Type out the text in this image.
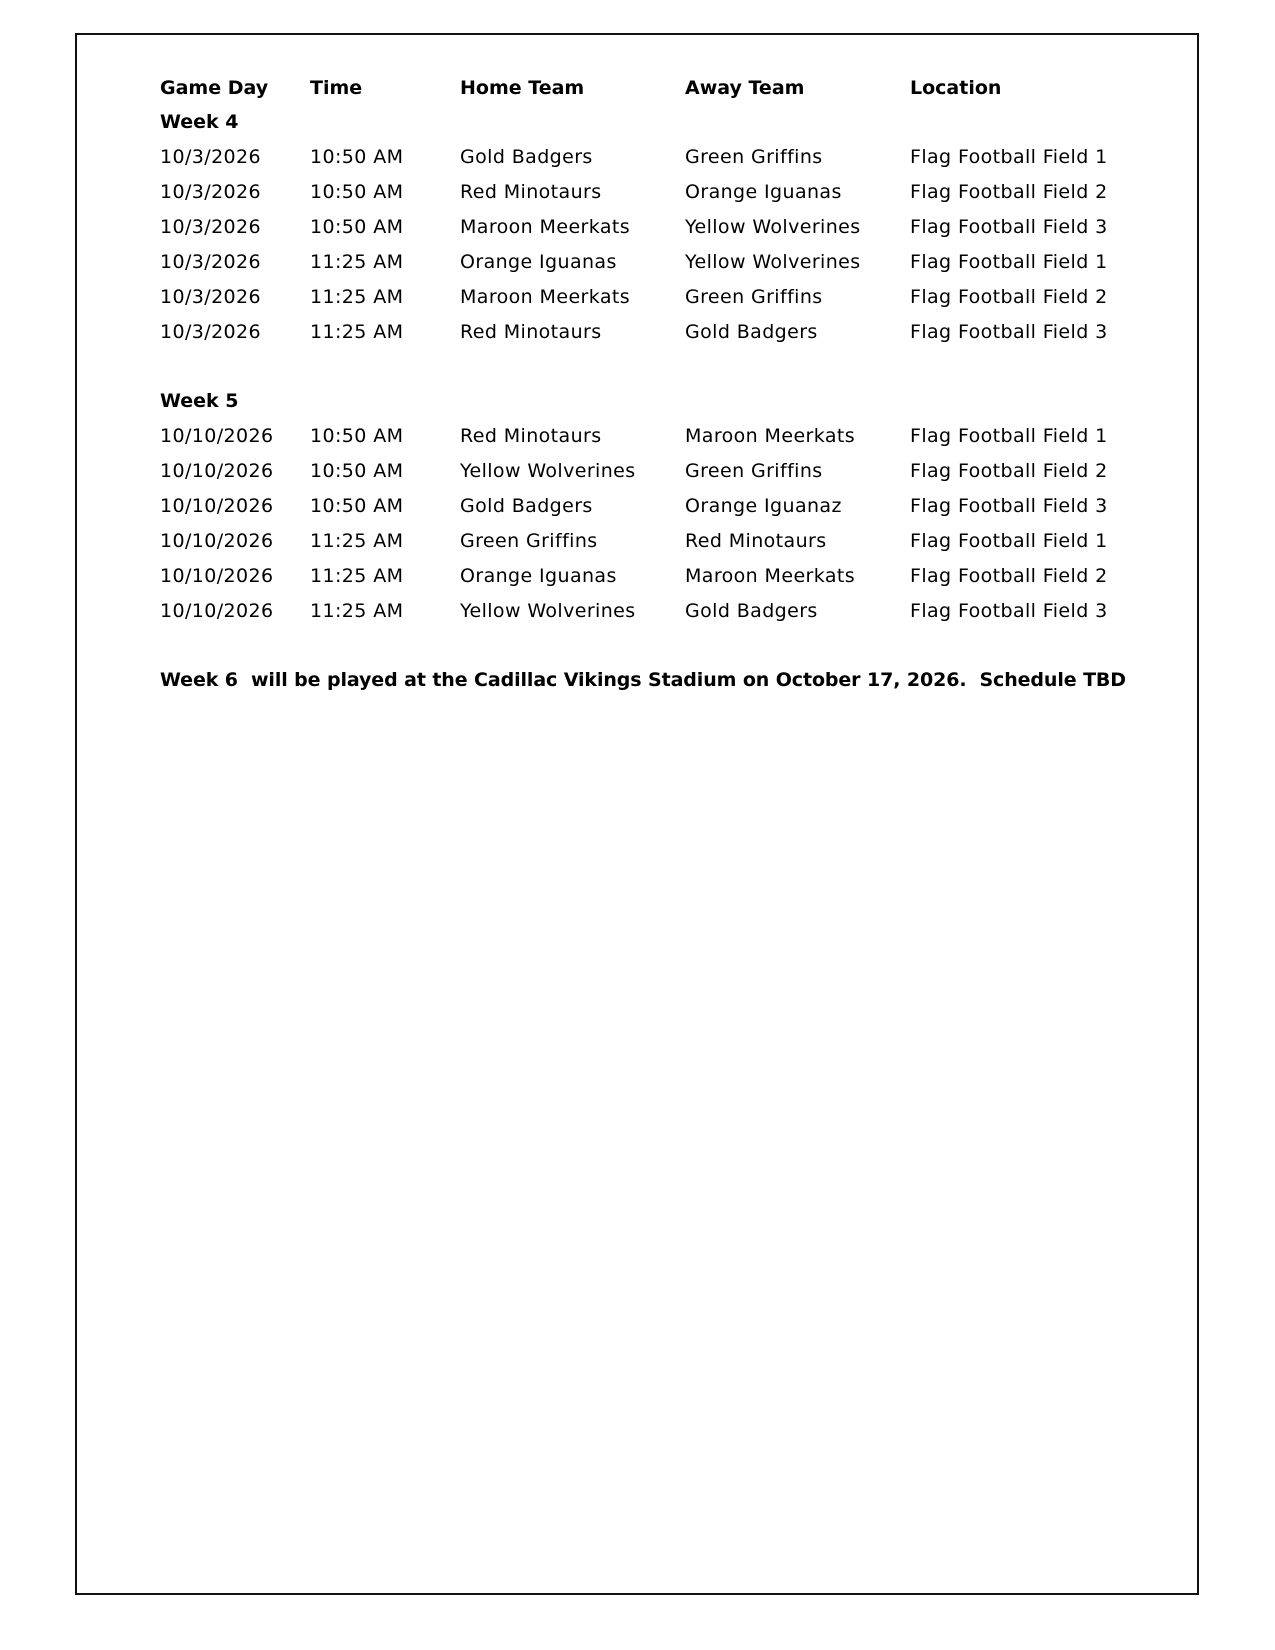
Game Day	Time	Home Team	Away Team	Location
Week 4
10/3/2026	10:50 AM	Gold Badgers	Green Griffins	Flag Football Field 1
10/3/2026	10:50 AM	Red Minotaurs	Orange Iguanas	Flag Football Field 2
10/3/2026	10:50 AM	Maroon Meerkats	Yellow Wolverines	Flag Football Field 3
10/3/2026	11:25 AM	Orange Iguanas	Yellow Wolverines	Flag Football Field 1
10/3/2026	11:25 AM	Maroon Meerkats	Green Griffins	Flag Football Field 2
10/3/2026	11:25 AM	Red Minotaurs	Gold Badgers	Flag Football Field 3
Week 5
10/10/2026	10:50 AM	Red Minotaurs	Maroon Meerkats	Flag Football Field 1
10/10/2026	10:50 AM	Yellow Wolverines	Green Griffins	Flag Football Field 2
10/10/2026	10:50 AM	Gold Badgers	Orange Iguanaz	Flag Football Field 3
10/10/2026	11:25 AM	Green Griffins	Red Minotaurs	Flag Football Field 1
10/10/2026	11:25 AM	Orange Iguanas	Maroon Meerkats	Flag Football Field 2
10/10/2026	11:25 AM	Yellow Wolverines	Gold Badgers	Flag Football Field 3
Week 6  will be played at the Cadillac Vikings Stadium on October 17, 2026.  Schedule TBD
